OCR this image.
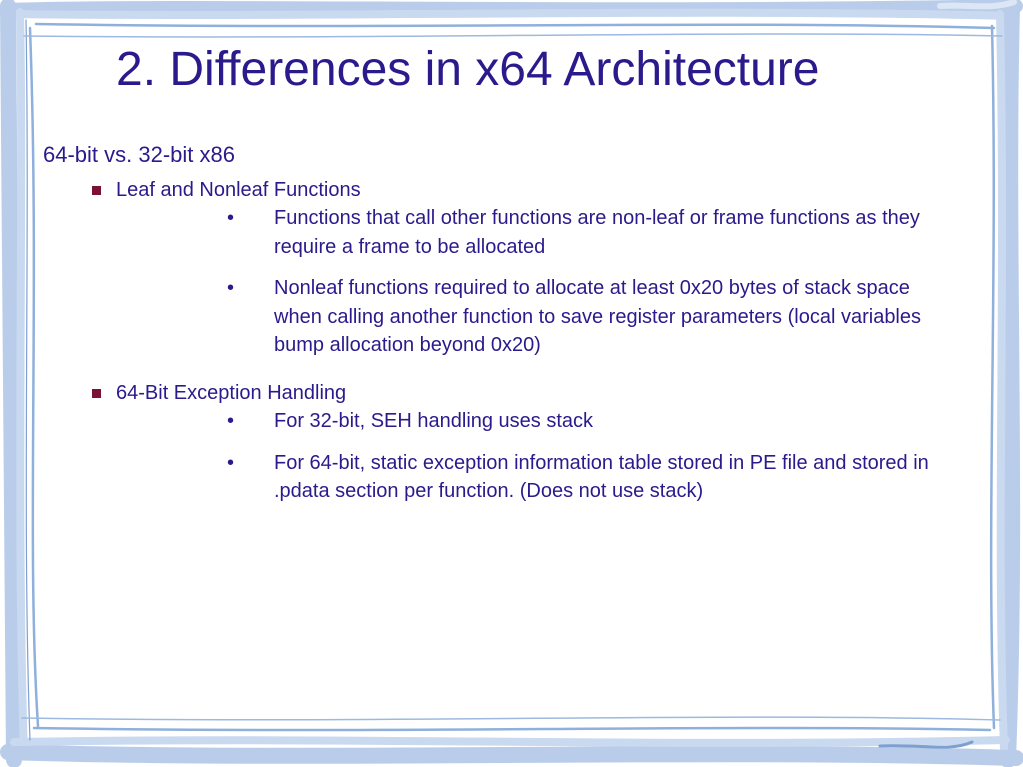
2. Differences in x64 Architecture
64-bit vs. 32-bit x86
Leaf and Nonleaf Functions
• Functions that call other functions are non-leaf or frame functions as they require a frame to be allocated
• Nonleaf functions required to allocate at least 0x20 bytes of stack space when calling another function to save register parameters (local variables bump allocation beyond 0x20)
64-Bit Exception Handling
• For 32-bit, SEH handling uses stack
• For 64-bit, static exception information table stored in PE file and stored in .pdata section per function. (Does not use stack)
